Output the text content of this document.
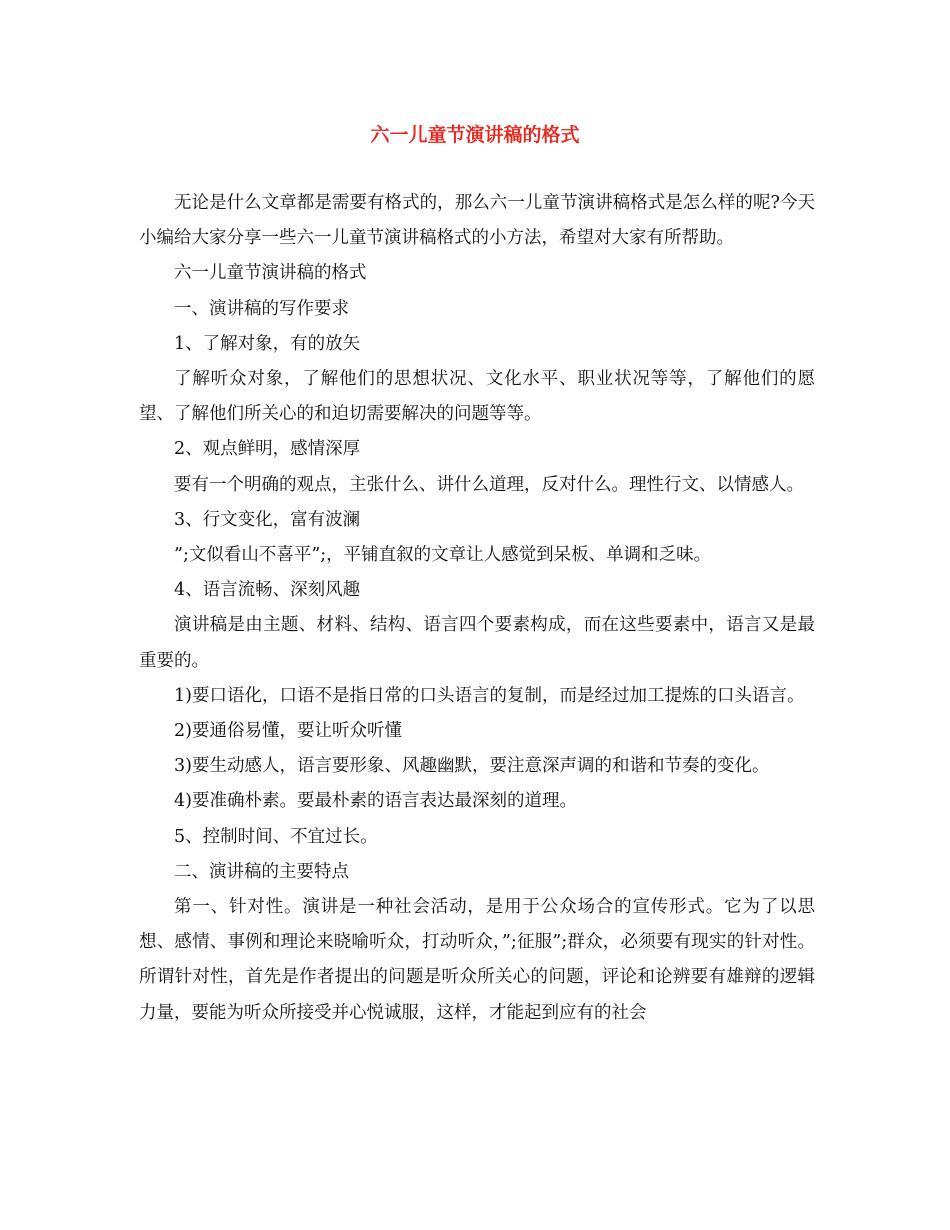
六一儿童节演讲稿的格式

无论是什么文章都是需要有格式的，那么六一儿童节演讲稿格式是怎么样的呢?今天小编给大家分享一些六一儿童节演讲稿格式的小方法，希望对大家有所帮助。

六一儿童节演讲稿的格式

一、演讲稿的写作要求

1、了解对象，有的放矢

了解听众对象，了解他们的思想状况、文化水平、职业状况等等，了解他们的愿望、了解他们所关心的和迫切需要解决的问题等等。

2、观点鲜明，感情深厚

要有一个明确的观点，主张什么、讲什么道理，反对什么。理性行文、以情感人。

3、行文变化，富有波澜

”;文似看山不喜平”;，平铺直叙的文章让人感觉到呆板、单调和乏味。

4、语言流畅、深刻风趣

演讲稿是由主题、材料、结构、语言四个要素构成，而在这些要素中，语言又是最重要的。

1)要口语化，口语不是指日常的口头语言的复制，而是经过加工提炼的口头语言。

2)要通俗易懂，要让听众听懂

3)要生动感人，语言要形象、风趣幽默，要注意深声调的和谐和节奏的变化。

4)要准确朴素。要最朴素的语言表达最深刻的道理。

5、控制时间、不宜过长。

二、演讲稿的主要特点

第一、针对性。演讲是一种社会活动，是用于公众场合的宣传形式。它为了以思想、感情、事例和理论来晓喻听众，打动听众，”;征服”;群众，必须要有现实的针对性。所谓针对性，首先是作者提出的问题是听众所关心的问题，评论和论辨要有雄辩的逻辑力量，要能为听众所接受并心悦诚服，这样，才能起到应有的社会
